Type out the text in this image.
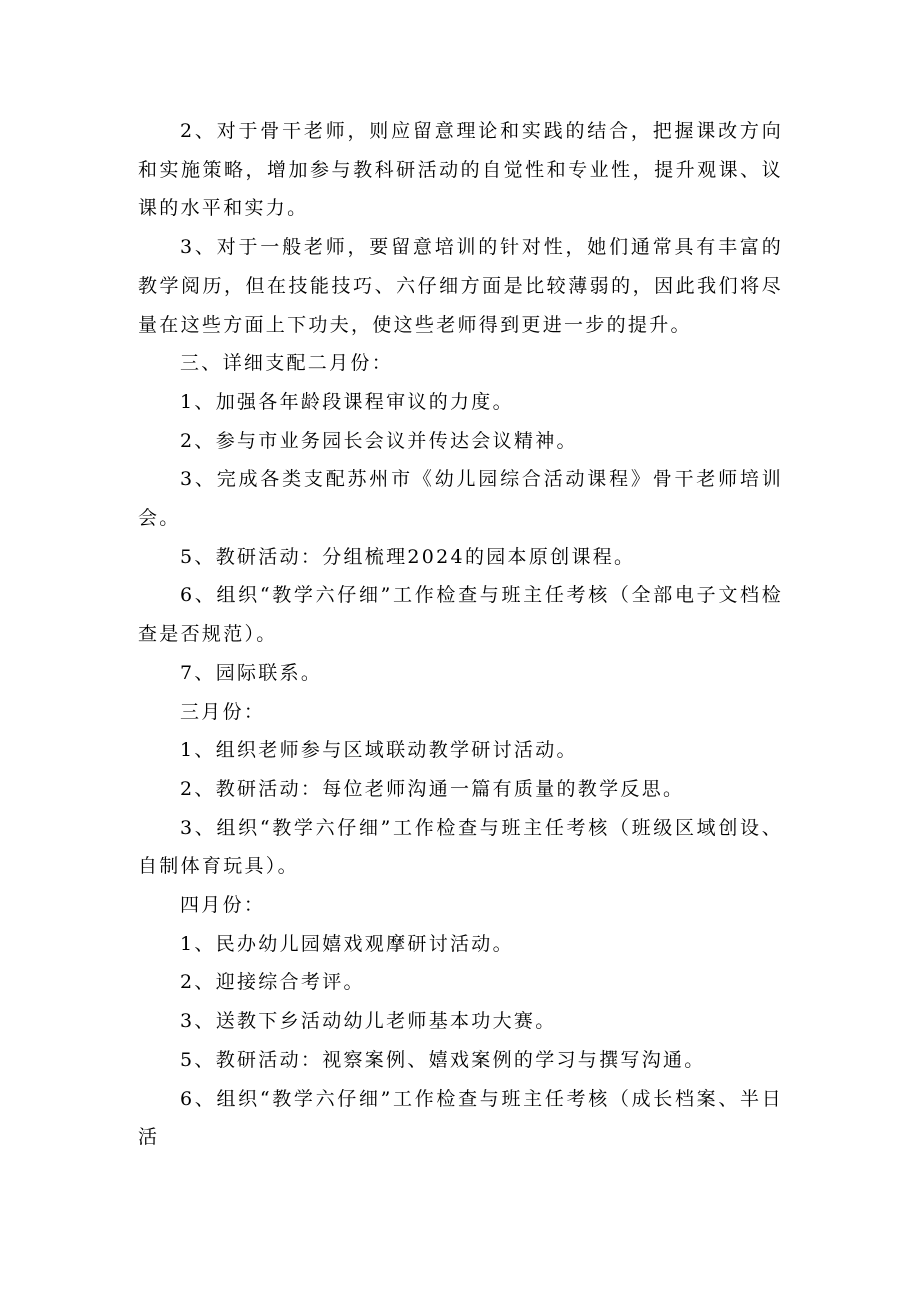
2、对于骨干老师，则应留意理论和实践的结合，把握课改方向和实施策略，增加参与教科研活动的自觉性和专业性，提升观课、议课的水平和实力。

3、对于一般老师，要留意培训的针对性，她们通常具有丰富的教学阅历，但在技能技巧、六仔细方面是比较薄弱的，因此我们将尽量在这些方面上下功夫，使这些老师得到更进一步的提升。

三、详细支配二月份：

1、加强各年龄段课程审议的力度。

2、参与市业务园长会议并传达会议精神。

3、完成各类支配苏州市《幼儿园综合活动课程》骨干老师培训会。

5、教研活动：分组梳理2024的园本原创课程。

6、组织“教学六仔细”工作检查与班主任考核（全部电子文档检查是否规范）。

7、园际联系。

三月份：

1、组织老师参与区域联动教学研讨活动。

2、教研活动：每位老师沟通一篇有质量的教学反思。

3、组织“教学六仔细”工作检查与班主任考核（班级区域创设、自制体育玩具）。

四月份：

1、民办幼儿园嬉戏观摩研讨活动。

2、迎接综合考评。

3、送教下乡活动幼儿老师基本功大赛。

5、教研活动：视察案例、嬉戏案例的学习与撰写沟通。

6、组织“教学六仔细”工作检查与班主任考核（成长档案、半日活
